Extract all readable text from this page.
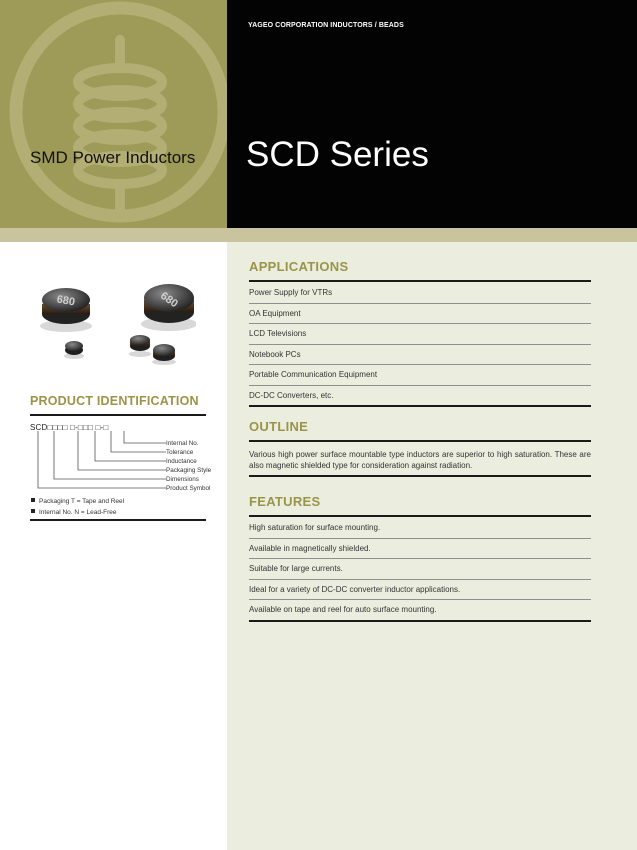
SMD Power Inductors
YAGEO CORPORATION INDUCTORS / BEADS
SCD Series
680	680
PRODUCT IDENTIFICATION
SCD□□□□ □-□□□ □-□
Internal No.
Tolerance
Inductance
Packaging Style
Dimensions
Product Symbol
Packaging T = Tape and Reel
Internal No. N = Lead-Free
APPLICATIONS
Power Supply for VTRs
OA Equipment
LCD Televisions
Notebook PCs
Portable Communication Equipment
DC-DC Converters, etc.
OUTLINE
Various high power surface mountable type inductors are superior to high saturation. These are also magnetic shielded type for consideration against radiation.
FEATURES
High saturation for surface mounting.
Available in magnetically shielded.
Suitable for large currents.
Ideal for a variety of DC-DC converter inductor applications.
Available on tape and reel for auto surface mounting.
